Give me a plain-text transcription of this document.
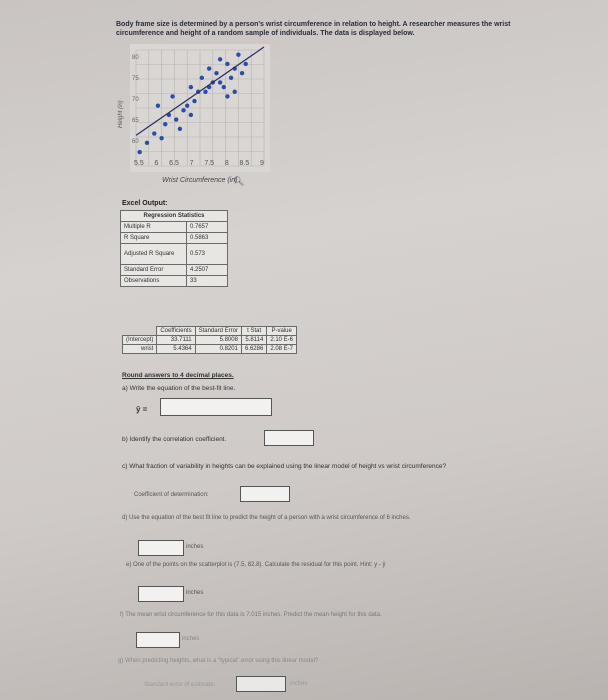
Body frame size is determined by a person's wrist circumference in relation to height. A researcher measures the wrist circumference and height of a random sample of individuals. The data is displayed below.
80
75
70
65
60
Height (in)
5.5 6 6.5 7 7.5 8 8.5 9
Wrist Circumference (in)
🔍︎
Excel Output:
Regression Statistics	
Multiple R	0.7657
R Square	0.5863
Adjusted R Square	0.573
Standard Error	4.2507
Observations	33
	Coefficients	Standard Error	t Stat	P-value
(Intercept)	33.7111	5.8008	5.8114	2.10 E-6
wrist	5.4364	0.8201	6.6286	2.08 E-7
Round answers to 4 decimal places.
a) Write the equation of the best-fit line.
ŷ =
b) Identify the correlation coefficient.
c) What fraction of variability in heights can be explained using the linear model of height vs wrist circumference?
Coefficient of determination:
d) Use the equation of the best fit line to predict the height of a person with a wrist circumference of 6 inches.
inches
e) One of the points on the scatterplot is (7.5, 82.8). Calculate the residual for this point. Hint: y - ŷ
inches
f) The mean wrist circumference for this data is 7.015 inches. Predict the mean height for this data.
inches
g) When predicting heights, what is a "typical" error using this linear model?
Standard error of estimate:	inches
